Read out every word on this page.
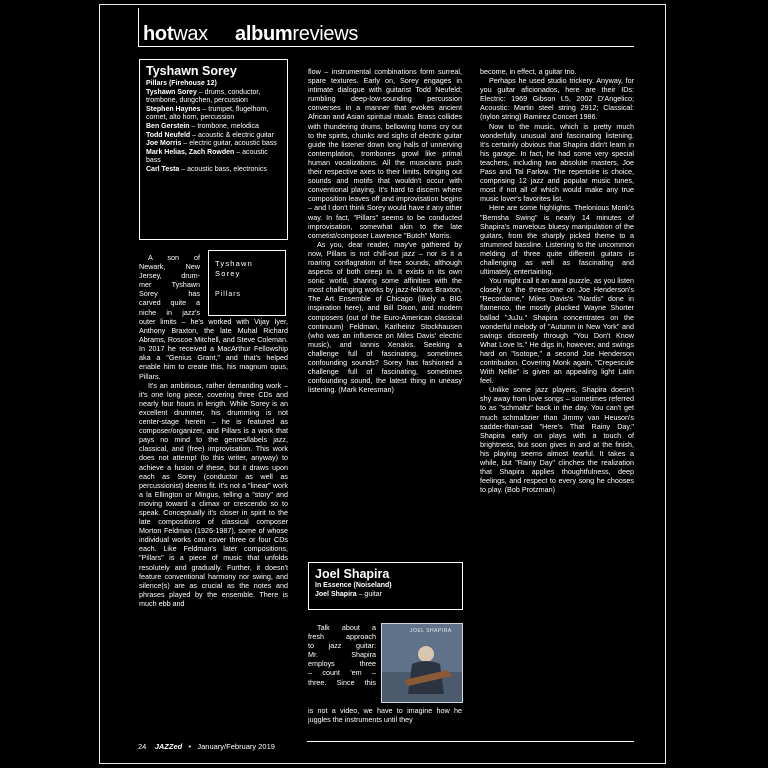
hotwax albumreviews
Tyshawn Sorey
Pillars (Firehouse 12)
Tyshawn Sorey – drums, conductor, trombone, dungchen, percussion
Stephen Haynes – trumpet, flugelhorn, cornet, alto horn, percussion
Ben Gerstein – trombone, melodica
Todd Neufeld – acoustic & electric guitar
Joe Morris – electric guitar, acoustic bass
Mark Helias, Zach Rowden – acoustic bass
Carl Testa – acoustic bass, electronics
A son of
Newark, New
Jersey, drum-
mer Tyshawn
Sorey has
carved quite a
niche in jazz's
Tyshawn Sorey
Pillars

outer limits – he's worked with Vijay Iyer, Anthony Braxton, the late Muhal Richard Abrams, Roscoe Mitchell, and Steve Coleman. In 2017 he received a MacArthur Fellowship aka a "Genius Grant," and that's helped enable him to create this, his magnum opus, Pillars.

It's an ambitious, rather demanding work – it's one long piece, covering three CDs and nearly four hours in length. While Sorey is an excellent drummer, his drumming is not center-stage herein – he is featured as composer/organizer, and Pillars is a work that pays no mind to the genres/labels jazz, classical, and (free) improvisation. This work does not attempt (to this writer, anyway) to achieve a fusion of these, but it draws upon each as Sorey (conductor as well as percussionist) deems fit. It's not a "linear" work a la Ellington or Mingus, telling a "story" and moving toward a climax or crescendo so to speak. Conceptually it's closer in spirit to the late compositions of classical composer Morton Feldman (1926-1987), some of whose individual works can cover three or four CDs each. Like Feldman's later compositions, "Pillars" is a piece of music that unfolds resolutely and gradually. Further, it doesn't feature conventional harmony nor swing, and silence(s) are as crucial as the notes and phrases played by the ensemble. There is much ebb and

flow – instrumental combinations form surreal, spare textures. Early on, Sorey engages in intimate dialogue with guitarist Todd Neufeld; rumbling deep-low-sounding percussion converses in a manner that evokes ancient African and Asian spiritual rituals. Brass collides with thundering drums, bellowing horns cry out to the spirits, chunks and sighs of electric guitar guide the listener down long halls of unnerving contemplation, trombones growl like primal human vocalizations. All the musicians push their respective axes to their limits, bringing out sounds and motifs that wouldn't occur with conventional playing. It's hard to discern where composition leaves off and improvisation begins – and I don't think Sorey would have it any other way. In fact, "Pillars" seems to be conducted improvisation, somewhat akin to the late cornetist/composer Lawrence "Butch" Morris.

As you, dear reader, may've gathered by now, Pillars is not chill-out jazz – nor is it a roaring conflagration of free sounds, although aspects of both creep in. It exists in its own sonic world, sharing some affinities with the most challenging works by jazz-fellows Braxton, The Art Ensemble of Chicago (likely a BIG inspiration here), and Bill Dixon, and modern composers (out of the Euro-American classical continuum) Feldman, Karlheinz Stockhausen (who was an influence on Miles Davis' electric music), and Iannis Xenakis. Seeking a challenge full of fascinating, sometimes confounding sounds? Sorey has fashioned a challenge full of fascinating, sometimes confounding sound, the latest thing in uneasy listening. (Mark Keresman)

Joel Shapira
In Essence (Noiseland)
Joel Shapira – guitar
Talk about a
fresh approach
to jazz guitar:
Mr. Shapira
employs three
– count 'em –
three. Since this
JOEL SHAPIRA

is not a video, we have to imagine how he juggles the instruments until they

become, in effect, a guitar trio.

Perhaps he used studio trickery. Anyway, for you guitar aficionados, here are their IDs: Electric: 1969 Gibson L5, 2002 D'Angelico; Acoustic: Martin steel string 2912; Classical: (nylon string) Ramirez Concert 1986.

Now to the music, which is pretty much wonderfully unusual and fascinating listening. It's certainly obvious that Shapira didn't learn in his garage. In fact, he had some very special teachers, including two absolute masters, Joe Pass and Tal Farlow. The repertoire is choice, comprising 12 jazz and popular music tunes, most if not all of which would make any true music lover's favorites list.

Here are some highlights. Thelonious Monk's "Bemsha Swing" is nearly 14 minutes of Shapira's marvelous bluesy manipulation of the guitars, from the sharply picked theme to a strummed bassline. Listening to the uncommon melding of three quite different guitars is challenging as well as fascinating and ultimately, entertaining.

You might call it an aural puzzle, as you listen closely to the threesome on Joe Henderson's "Recordame," Miles Davis's "Nardis" done in flamenco, the mostly plucked Wayne Shorter ballad "JuJu." Shapira concentrates on the wonderful melody of "Autumn in New York" and swings discreetly through "You Don't Know What Love Is." He digs in, however, and swings hard on "Isotope," a second Joe Henderson contribution. Covering Monk again, "Crepescule With Nellie" is given an appealing light Latin feel.

Unlike some jazz players, Shapira doesn't shy away from love songs – sometimes referred to as "schmaltz" back in the day. You can't get much schmaltzier than Jimmy van Heuson's sadder-than-sad "Here's That Rainy Day." Shapira early on plays with a touch of brightness, but soon gives in and at the finish, his playing seems almost tearful. It takes a while, but "Rainy Day" clinches the realization that Shapira applies thoughtfulness, deep feelings, and respect to every song he chooses to play. (Bob Protzman)

24 JAZZed • January/February 2019
